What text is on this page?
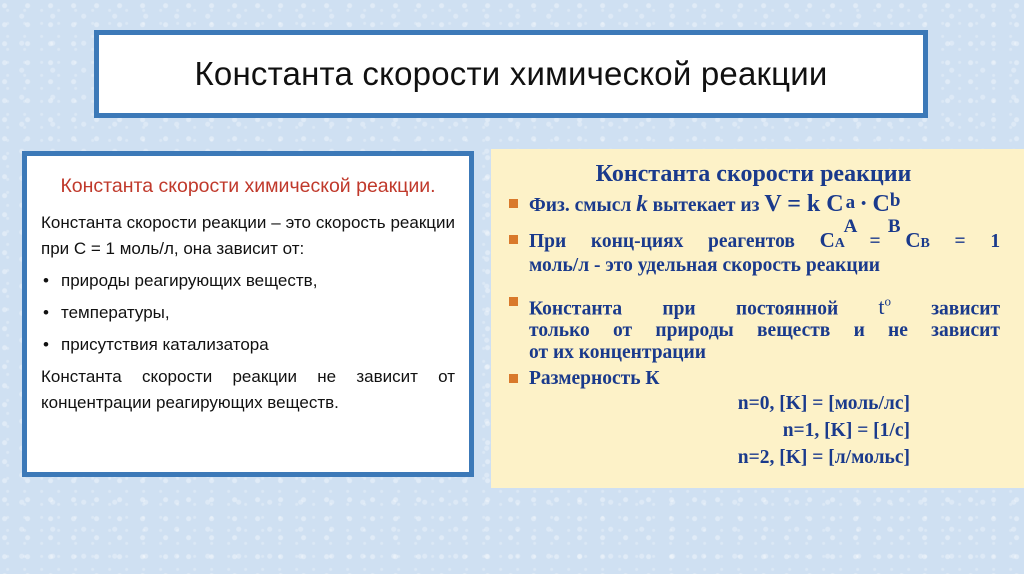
Константа скорости химической реакции
Константа скорости химической реакции.

Константа скорости реакции – это скорость реакции при С = 1 моль/л, она зависит от:

• природы реагирующих веществ,
• температуры,
• присутствия катализатора

Константа скорости реакции не зависит от концентрации реагирующих веществ.

Константа скорости реакции
Физ. смысл k вытекает из V = k C a
A
· C b
B
При конц-циях реагентов СА = СВ = 1
моль/л - это удельная скорость реакции
Константа при постоянной $t^о$ зависит
только от природы веществ и не зависит
от их концентрации
Размерность К
n=0, [K] = [моль/лс]
n=1, [K] = [1/с]
n=2, [K] = [л/мольс]
